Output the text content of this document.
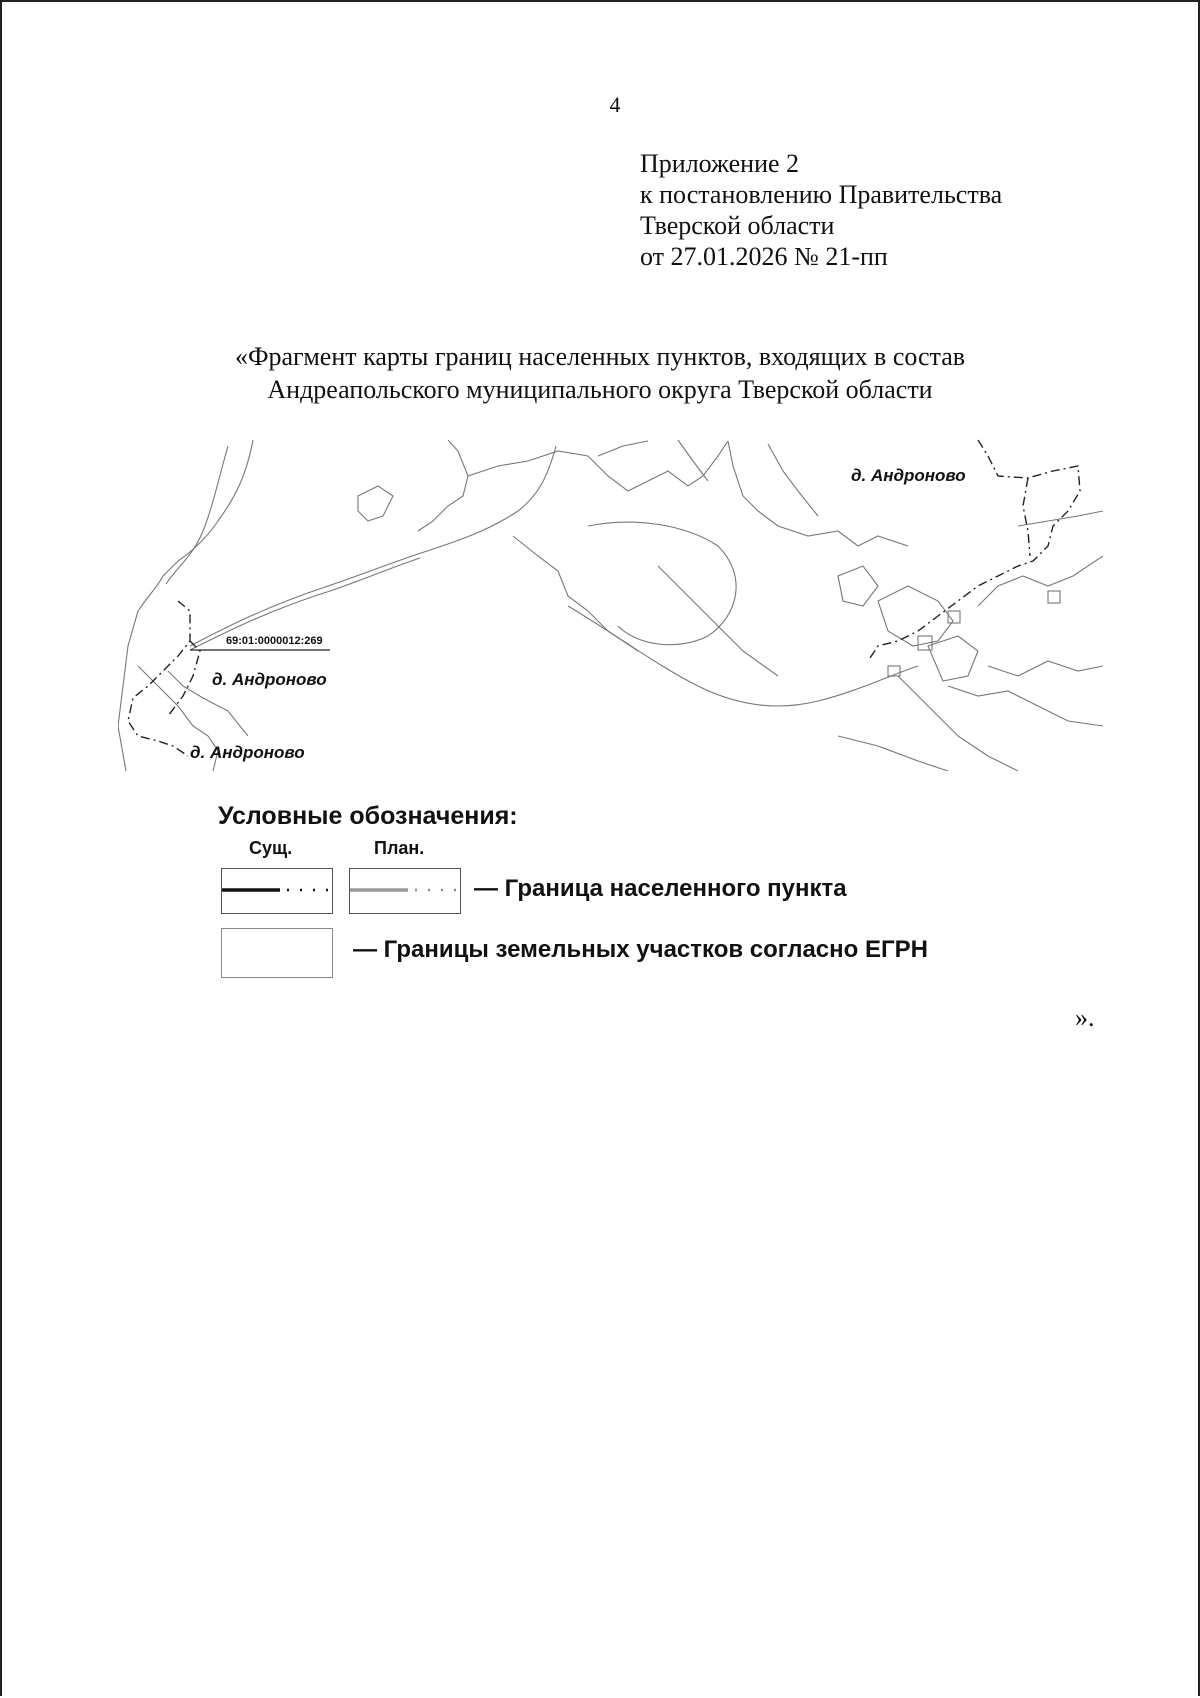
4
Приложение 2
к постановлению Правительства
Тверской области
от 27.01.2026 № 21-пп
«Фрагмент карты границ населенных пунктов, входящих в состав
Андреапольского муниципального округа Тверской области
д. Андроново
69:01:0000012:269
д. Андроново
д. Андроново
Условные обозначения:
Сущ.	План.
— Граница населенного пункта
— Границы земельных участков согласно ЕГРН
».
